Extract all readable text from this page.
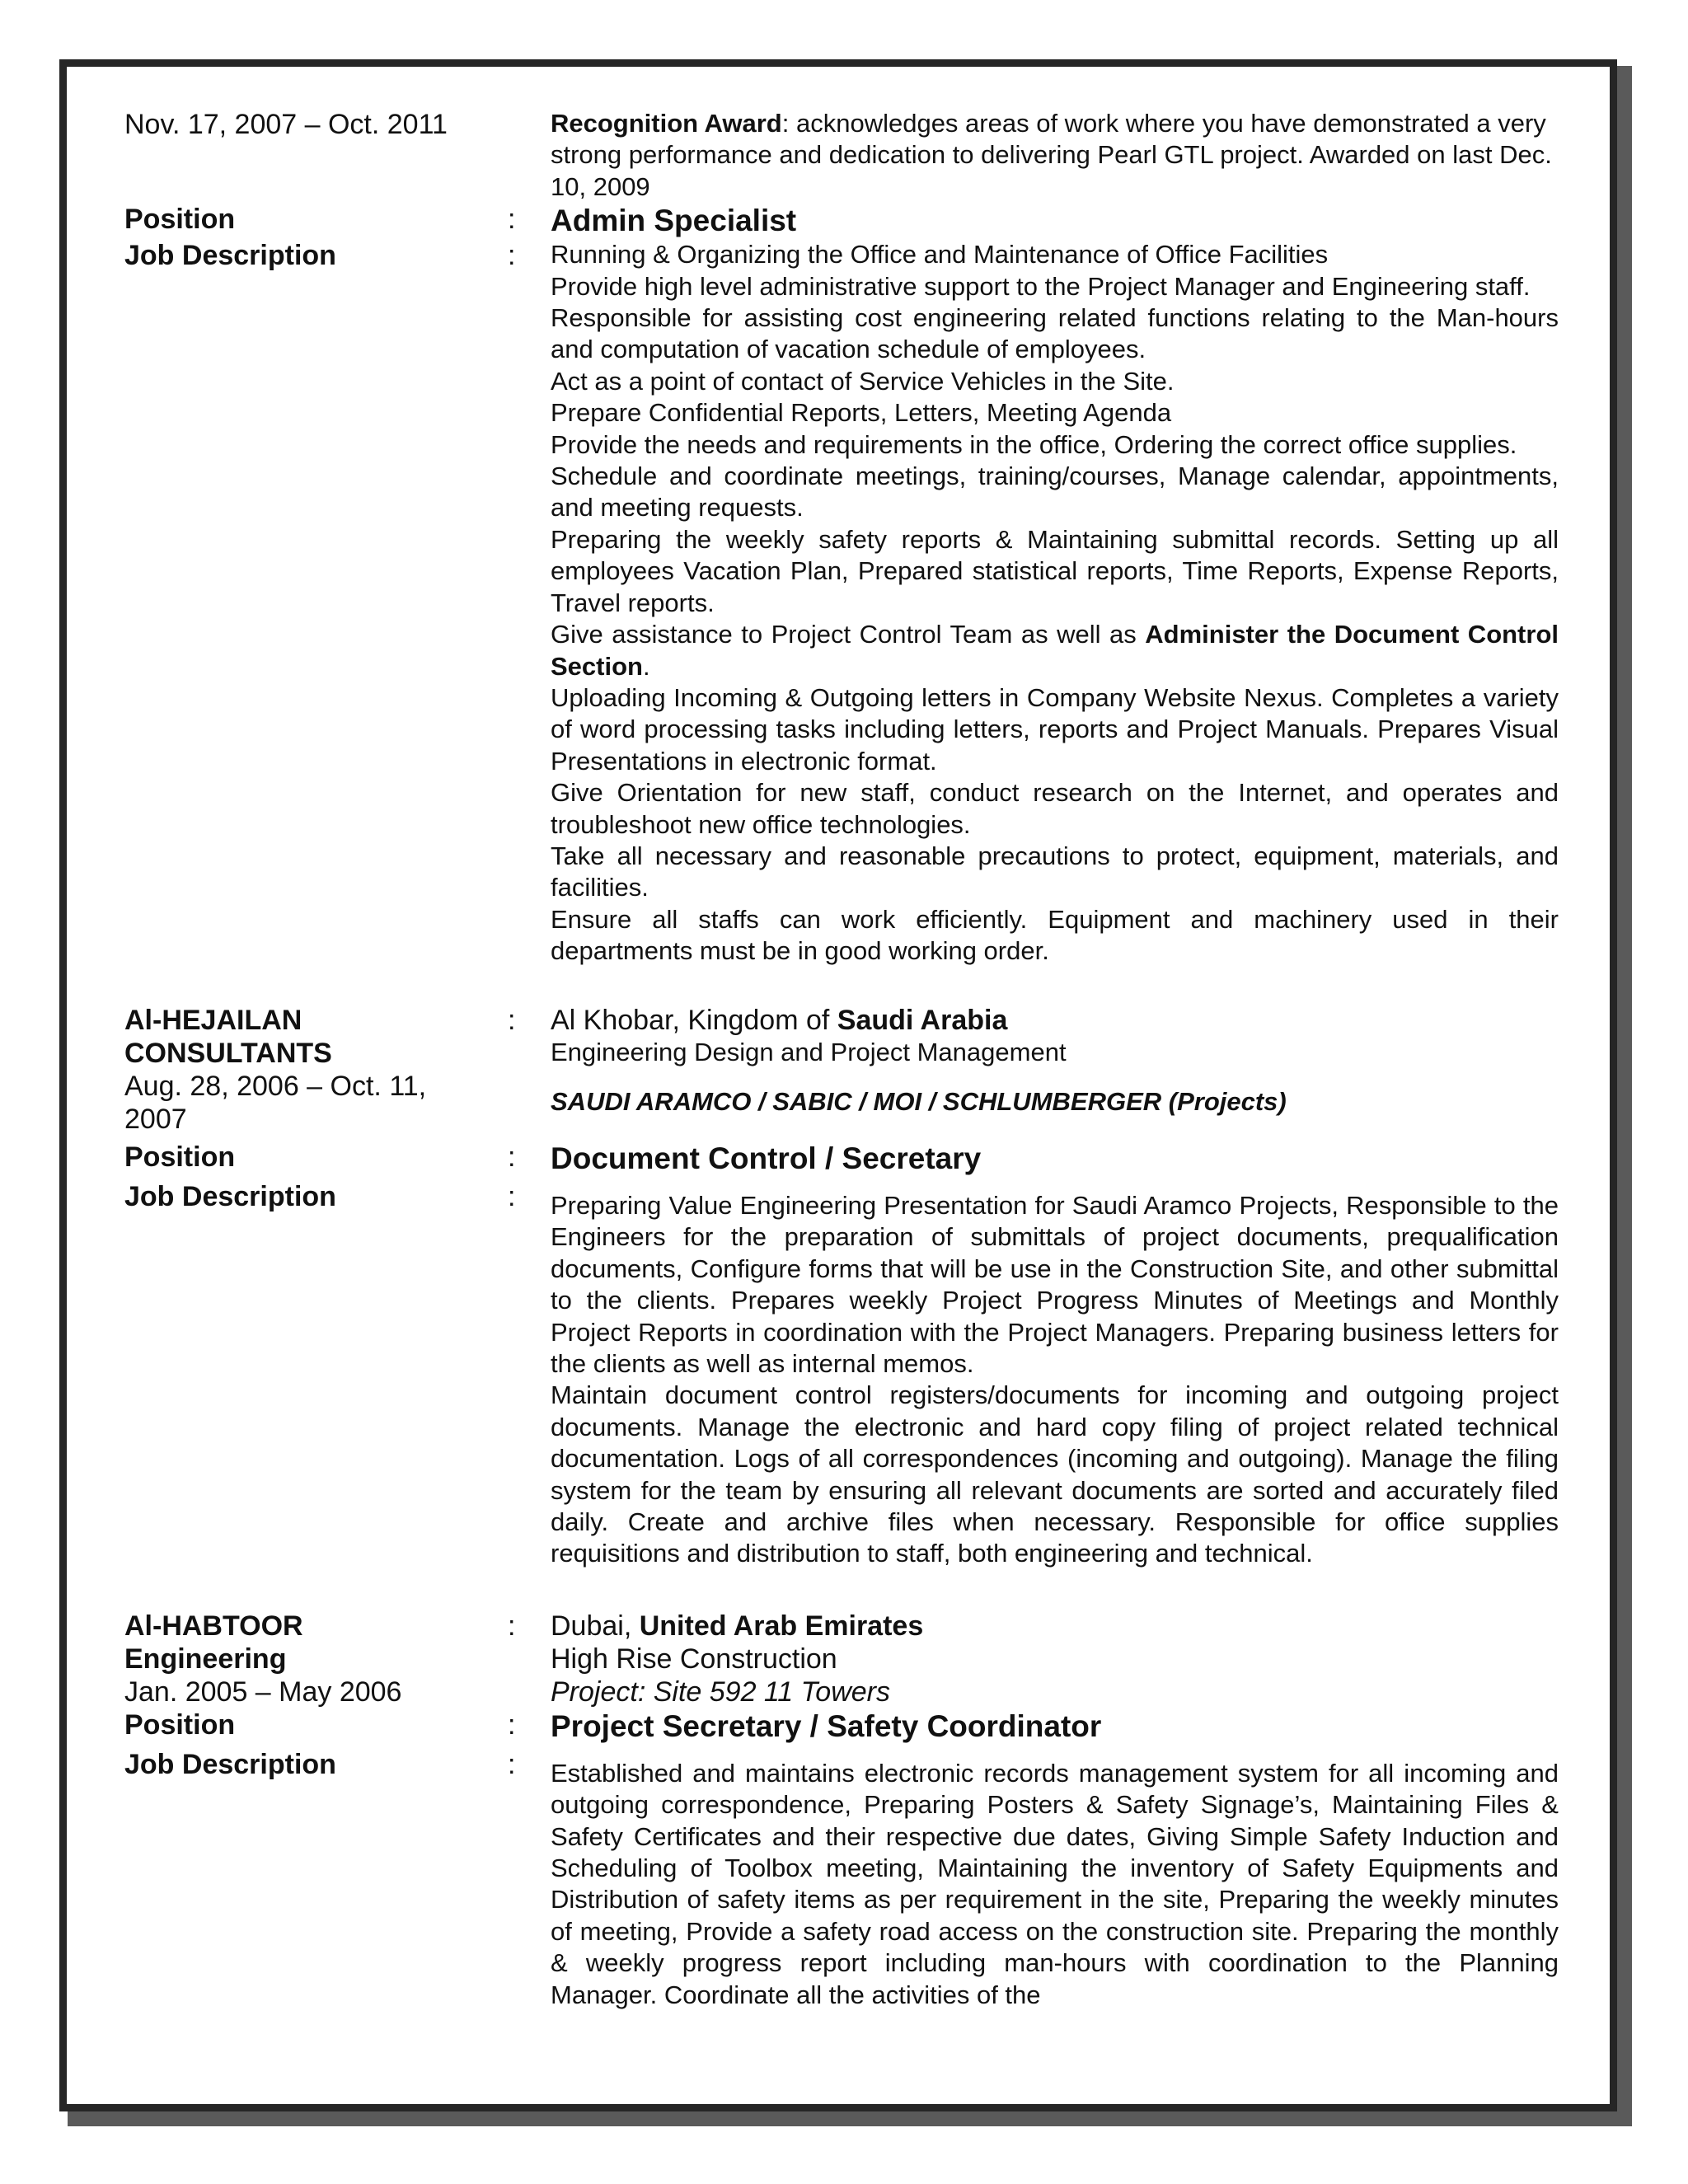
Nov. 17, 2007 – Oct. 2011	Recognition Award: acknowledges areas of work where you have demonstrated a very strong performance and dedication to delivering Pearl GTL project. Awarded on last Dec. 10, 2009
Position	: Admin Specialist
Job Description	: Running & Organizing the Office and Maintenance of Office Facilities

Provide high level administrative support to the Project Manager and Engineering staff.

Responsible for assisting cost engineering related functions relating to the Man-hours and computation of vacation schedule of employees.

Act as a point of contact of Service Vehicles in the Site.

Prepare Confidential Reports, Letters, Meeting Agenda

Provide the needs and requirements in the office, Ordering the correct office supplies.

Schedule and coordinate meetings, training/courses, Manage calendar, appointments, and meeting requests.

Preparing the weekly safety reports & Maintaining submittal records. Setting up all employees Vacation Plan, Prepared statistical reports, Time Reports, Expense Reports, Travel reports.

Give assistance to Project Control Team as well as Administer the Document Control Section.

Uploading Incoming & Outgoing letters in Company Website Nexus. Completes a variety of word processing tasks including letters, reports and Project Manuals. Prepares Visual Presentations in electronic format.

Give Orientation for new staff, conduct research on the Internet, and operates and troubleshoot new office technologies.

Take all necessary and reasonable precautions to protect, equipment, materials, and facilities.

Ensure all staffs can work efficiently. Equipment and machinery used in their departments must be in good working order.

Al-HEJAILAN
CONSULTANTS
Aug. 28, 2006 – Oct. 11, 2007
: Al Khobar, Kingdom of Saudi Arabia
Engineering Design and Project Management
SAUDI ARAMCO / SABIC / MOI / SCHLUMBERGER (Projects)
Position	: Document Control / Secretary
Job Description	: Preparing Value Engineering Presentation for Saudi Aramco Projects, Responsible to the Engineers for the preparation of submittals of project documents, prequalification documents, Configure forms that will be use in the Construction Site, and other submittal to the clients. Prepares weekly Project Progress Minutes of Meetings and Monthly Project Reports in coordination with the Project Managers. Preparing business letters for the clients as well as internal memos.

Maintain document control registers/documents for incoming and outgoing project documents. Manage the electronic and hard copy filing of project related technical documentation. Logs of all correspondences (incoming and outgoing). Manage the filing system for the team by ensuring all relevant documents are sorted and accurately filed daily. Create and archive files when necessary. Responsible for office supplies requisitions and distribution to staff, both engineering and technical.

Al-HABTOOR
Engineering
Jan. 2005 – May 2006
: Dubai, United Arab Emirates
High Rise Construction
Project: Site 592 11 Towers
Position	: Project Secretary / Safety Coordinator
Job Description	: Established and maintains electronic records management system for all incoming and outgoing correspondence, Preparing Posters & Safety Signage’s, Maintaining Files & Safety Certificates and their respective due dates, Giving Simple Safety Induction and Scheduling of Toolbox meeting, Maintaining the inventory of Safety Equipments and Distribution of safety items as per requirement in the site, Preparing the weekly minutes of meeting, Provide a safety road access on the construction site. Preparing the monthly & weekly progress report including man-hours with coordination to the Planning Manager. Coordinate all the activities of the
